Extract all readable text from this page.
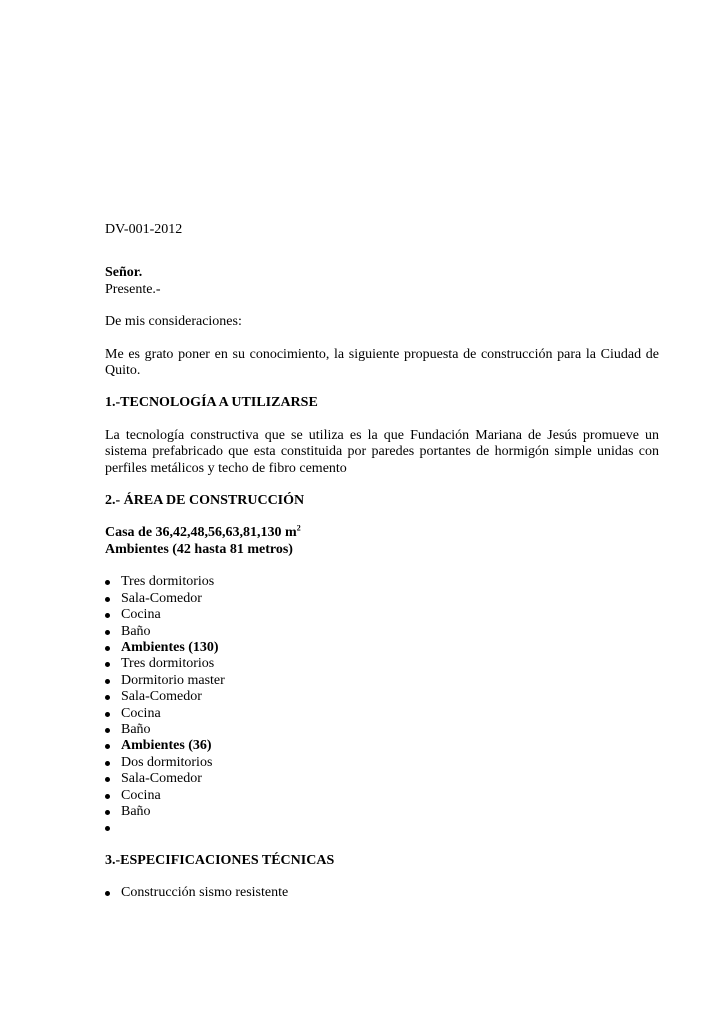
DV-001-2012

Señor.

Presente.-

De mis consideraciones:

Me es grato poner en su conocimiento, la siguiente propuesta de construcción para la Ciudad de Quito.

1.-TECNOLOGÍA A UTILIZARSE

La tecnología constructiva que se utiliza es la que Fundación Mariana de Jesús promueve un sistema prefabricado que esta constituida por paredes portantes de hormigón simple unidas con perfiles metálicos y techo de fibro cemento

2.- ÁREA DE CONSTRUCCIÓN

Casa de 36,42,48,56,63,81,130 $m^2$

Ambientes (42 hasta 81 metros)

Tres dormitorios
Sala-Comedor
Cocina
Baño
Ambientes (130)
Tres dormitorios
Dormitorio master
Sala-Comedor
Cocina
Baño
Ambientes (36)
Dos dormitorios
Sala-Comedor
Cocina
Baño

3.-ESPECIFICACIONES TÉCNICAS

Construcción sismo resistente
